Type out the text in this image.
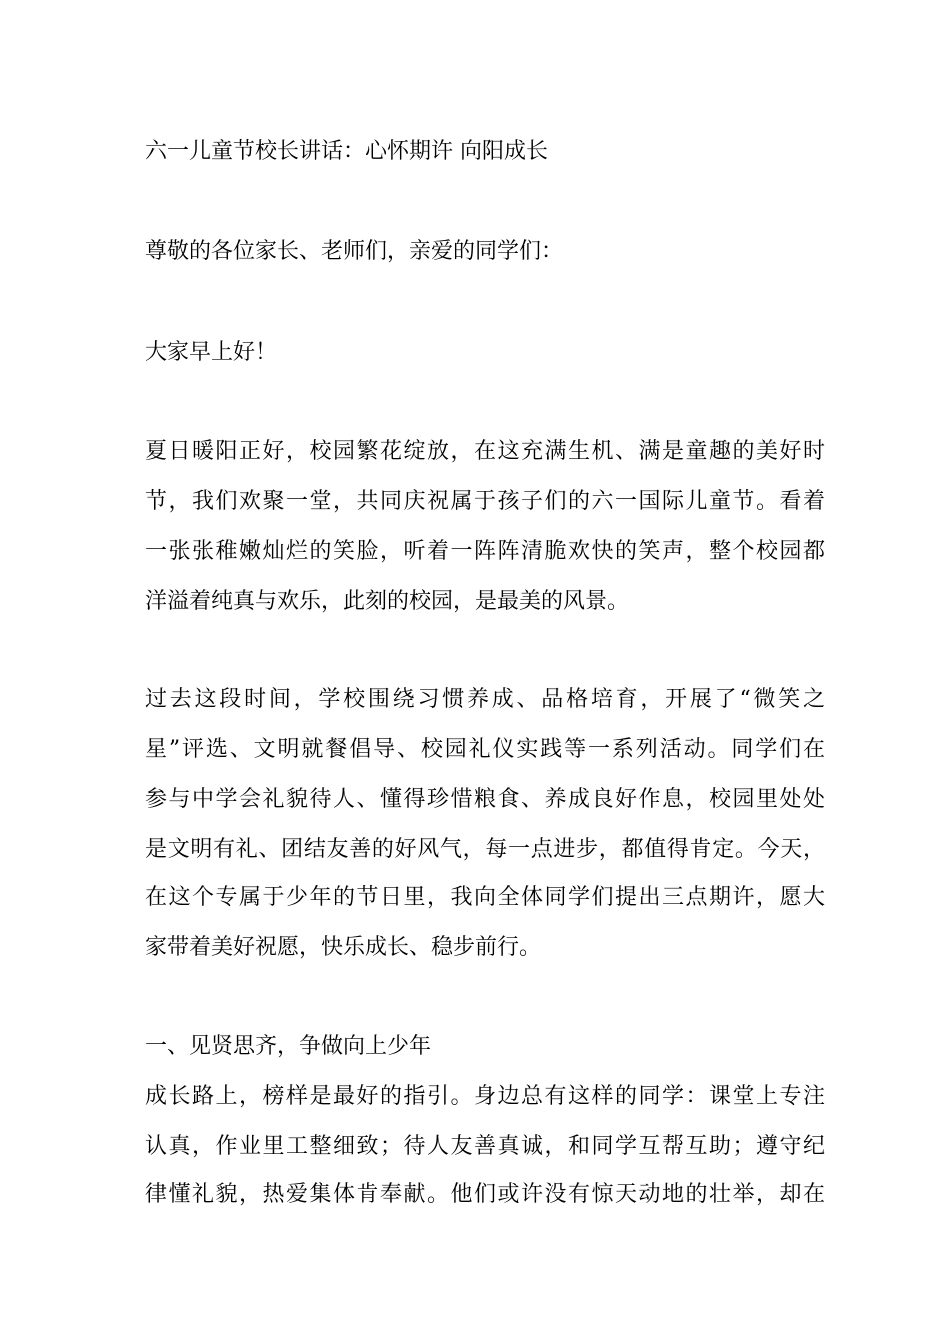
六一儿童节校长讲话：心怀期许 向阳成长
尊敬的各位家长、老师们，亲爱的同学们：
大家早上好！
夏日暖阳正好，校园繁花绽放，在这充满生机、满是童趣的美好时
节，我们欢聚一堂，共同庆祝属于孩子们的六一国际儿童节。看着
一张张稚嫩灿烂的笑脸，听着一阵阵清脆欢快的笑声，整个校园都
洋溢着纯真与欢乐，此刻的校园，是最美的风景。
过去这段时间，学校围绕习惯养成、品格培育，开展了“微笑之
星”评选、文明就餐倡导、校园礼仪实践等一系列活动。同学们在
参与中学会礼貌待人、懂得珍惜粮食、养成良好作息，校园里处处
是文明有礼、团结友善的好风气，每一点进步，都值得肯定。今天，
在这个专属于少年的节日里，我向全体同学们提出三点期许，愿大
家带着美好祝愿，快乐成长、稳步前行。
一、见贤思齐，争做向上少年
成长路上，榜样是最好的指引。身边总有这样的同学：课堂上专注
认真，作业里工整细致；待人友善真诚，和同学互帮互助；遵守纪
律懂礼貌，热爱集体肯奉献。他们或许没有惊天动地的壮举，却在
